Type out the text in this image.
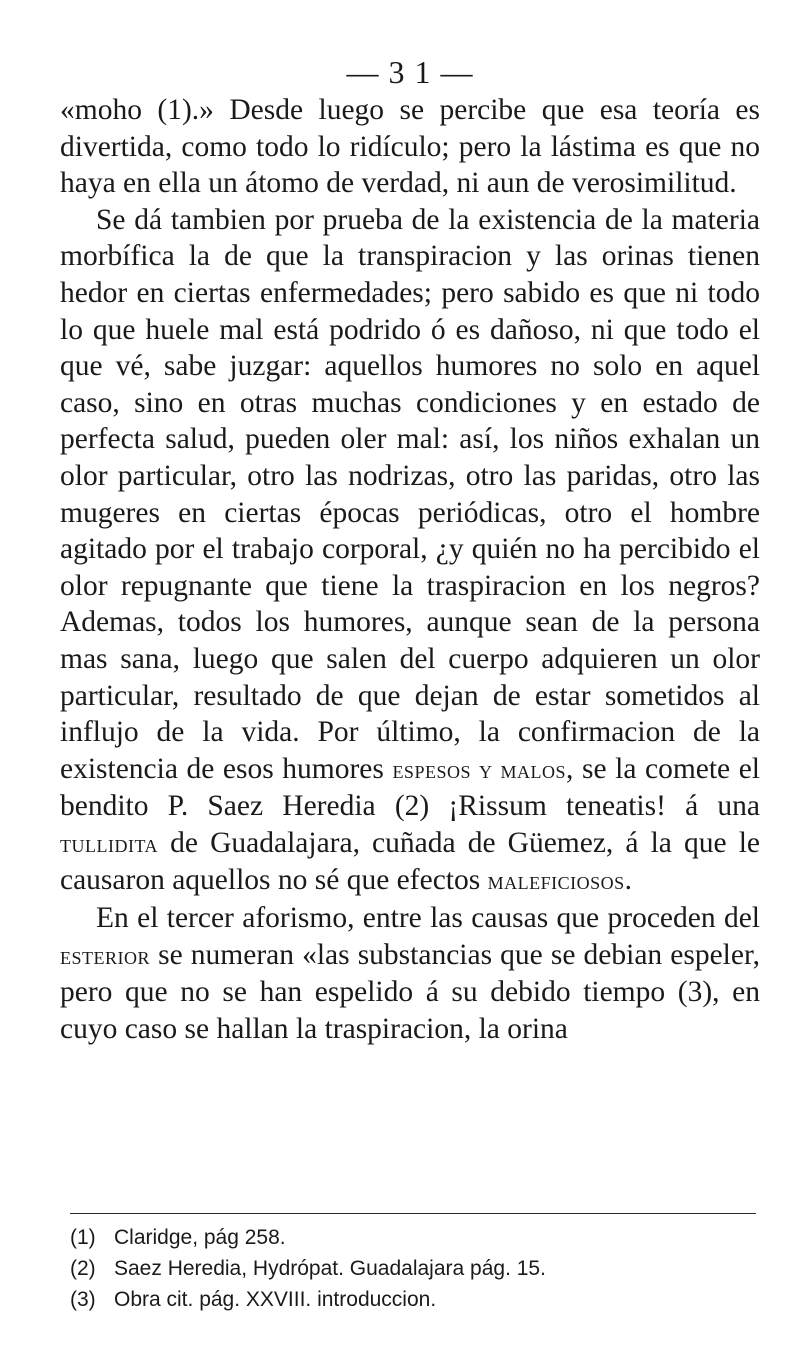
— 3 1 —

«moho (1).» Desde luego se percibe que esa teoría es divertida, como todo lo ridículo; pero la lástima es que no haya en ella un átomo de verdad, ni aun de verosimilitud.

Se dá tambien por prueba de la existencia de la materia morbífica la de que la transpiracion y las orinas tienen hedor en ciertas enfermedades; pero sabido es que ni todo lo que huele mal está podrido ó es dañoso, ni que todo el que vé, sabe juzgar: aquellos humores no solo en aquel caso, sino en otras muchas condiciones y en estado de perfecta salud, pueden oler mal: así, los niños exhalan un olor particular, otro las nodrizas, otro las paridas, otro las mugeres en ciertas épocas periódicas, otro el hombre agitado por el trabajo corporal, ¿y quién no ha percibido el olor repugnante que tiene la traspiracion en los negros? Ademas, todos los humores, aunque sean de la persona mas sana, luego que salen del cuerpo adquieren un olor particular, resultado de que dejan de estar sometidos al influjo de la vida. Por último, la confirmacion de la existencia de esos humores espesos y malos, se la comete el bendito P. Saez Heredia (2) ¡Rissum teneatis! á una tullidita de Guadalajara, cuñada de Güemez, á la que le causaron aquellos no sé que efectos maleficiosos.

En el tercer aforismo, entre las causas que proceden del esterior se numeran «las substancias que se debian espeler, pero que no se han espelido á su debido tiempo (3), en cuyo caso se hallan la traspiracion, la orina

(1) Claridge, pág 258.
(2) Saez Heredia, Hydrópat. Guadalajara pág. 15.
(3) Obra cit. pág. XXVIII. introduccion.
